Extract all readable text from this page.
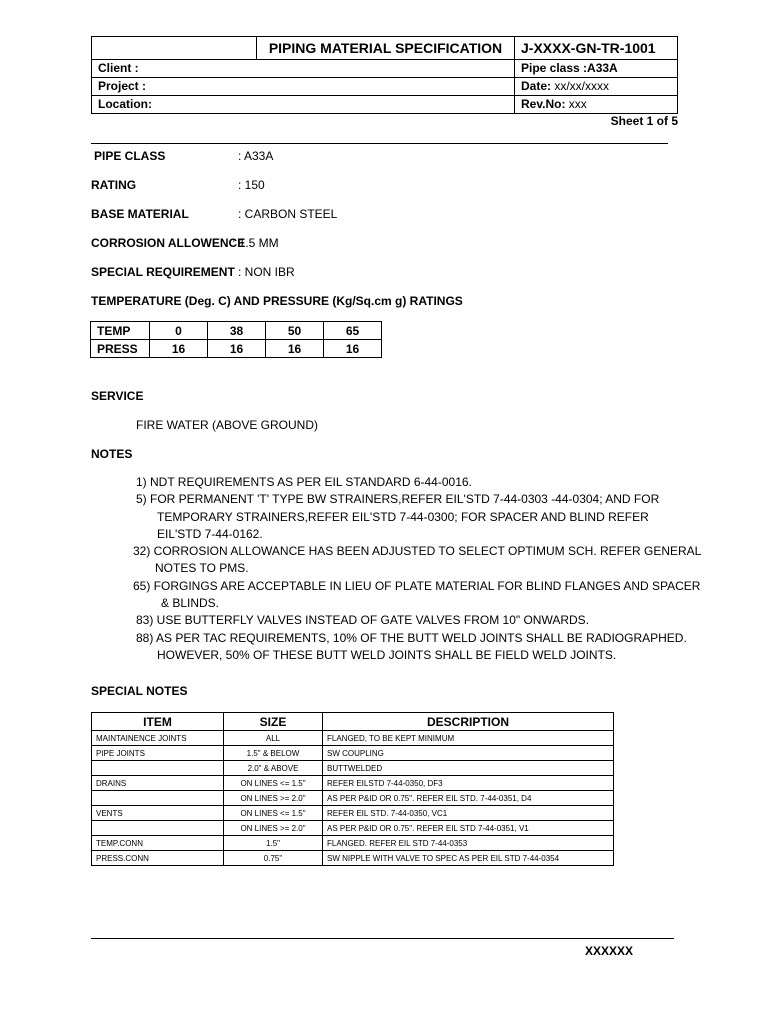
	PIPING MATERIAL SPECIFICATION	J-XXXX-GN-TR-1001
Client :		Pipe class :A33A
Project :		Date: xx/xx/xxxx
Location:		Rev.No: xxx
Sheet 1 of 5
PIPE CLASS	: A33A
RATING	: 150
BASE MATERIAL	: CARBON STEEL
CORROSION ALLOWENCE
: 1.5 MM
SPECIAL REQUIREMENT : NON IBR
TEMPERATURE (Deg. C) AND PRESSURE (Kg/Sq.cm g) RATINGS
TEMP	0	38	50	65
PRESS	16	16	16	16
SERVICE
FIRE WATER (ABOVE GROUND)
NOTES
1) NDT REQUIREMENTS AS PER EIL STANDARD 6-44-0016.
5) FOR PERMANENT 'T' TYPE BW STRAINERS,REFER EIL'STD 7-44-0303 -44-0304; AND FOR
TEMPORARY STRAINERS,REFER EIL'STD 7-44-0300; FOR SPACER AND BLIND REFER
EIL'STD 7-44-0162.
32) CORROSION ALLOWANCE HAS BEEN ADJUSTED TO SELECT OPTIMUM SCH. REFER GENERAL
NOTES TO PMS.
65) FORGINGS ARE ACCEPTABLE IN LIEU OF PLATE MATERIAL FOR BLIND FLANGES AND SPACER
& BLINDS.
83) USE BUTTERFLY VALVES INSTEAD OF GATE VALVES FROM 10" ONWARDS.
88) AS PER TAC REQUIREMENTS, 10% OF THE BUTT WELD JOINTS SHALL BE RADIOGRAPHED.
HOWEVER, 50% OF THESE BUTT WELD JOINTS SHALL BE FIELD WELD JOINTS.
SPECIAL NOTES
ITEM	SIZE	DESCRIPTION
MAINTAINENCE JOINTS	ALL	FLANGED, TO BE KEPT MINIMUM
PIPE JOINTS	1.5" & BELOW	SW COUPLING
	2.0" & ABOVE	BUTTWELDED
DRAINS	ON LINES <= 1.5"	REFER EILSTD 7-44-0350, DF3
	ON LINES >= 2.0"	AS PER P&ID OR 0.75". REFER EIL STD. 7-44-0351, D4
VENTS	ON LINES <= 1.5"	REFER EIL STD. 7-44-0350, VC1
	ON LINES >= 2.0"	AS PER P&ID OR 0.75". REFER EIL STD 7-44-0351, V1
TEMP.CONN	1.5"	FLANGED. REFER EIL STD 7-44-0353
PRESS.CONN	0.75"	SW NIPPLE WITH VALVE TO SPEC AS PER EIL STD 7-44-0354
XXXXXX
